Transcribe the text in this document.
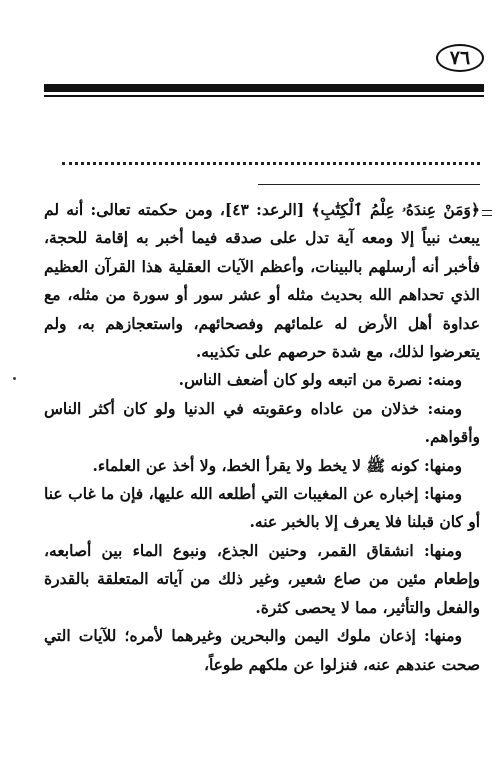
٧٦

﴿وَمَنْ عِندَهُۥ عِلْمُ ٱلْكِتَٰبِ﴾ [الرعد: ٤٣]، ومن حكمته تعالى: أنه لم يبعث نبياً إلا ومعه آية تدل على صدقه فيما أخبر به إقامة للحجة، فأخبر أنه أرسلهم بالبينات، وأعظم الآيات العقلية هذا القرآن العظيم الذي تحداهم الله بحديث مثله أو عشر سور أو سورة من مثله، مع عداوة أهل الأرض له علمائهم وفصحائهم، واستعجازهم به، ولم يتعرضوا لذلك، مع شدة حرصهم على تكذيبه.

ومنه: نصرة من اتبعه ولو كان أضعف الناس.

ومنه: خذلان من عاداه وعقوبته في الدنيا ولو كان أكثر الناس وأقواهم.

ومنها: كونه ﷺ لا يخط ولا يقرأ الخط، ولا أخذ عن العلماء.

ومنها: إخباره عن المغيبات التي أطلعه الله عليها، فإن ما غاب عنا أو كان قبلنا فلا يعرف إلا بالخبر عنه.

ومنها: انشقاق القمر، وحنين الجذع، ونبوع الماء بين أصابعه، وإطعام مئين من صاع شعير، وغير ذلك من آياته المتعلقة بالقدرة والفعل والتأثير، مما لا يحصى كثرة.

ومنها: إذعان ملوك اليمن والبحرين وغيرهما لأمره؛ للآيات التي صحت عندهم عنه، فنزلوا عن ملكهم طوعاً،
